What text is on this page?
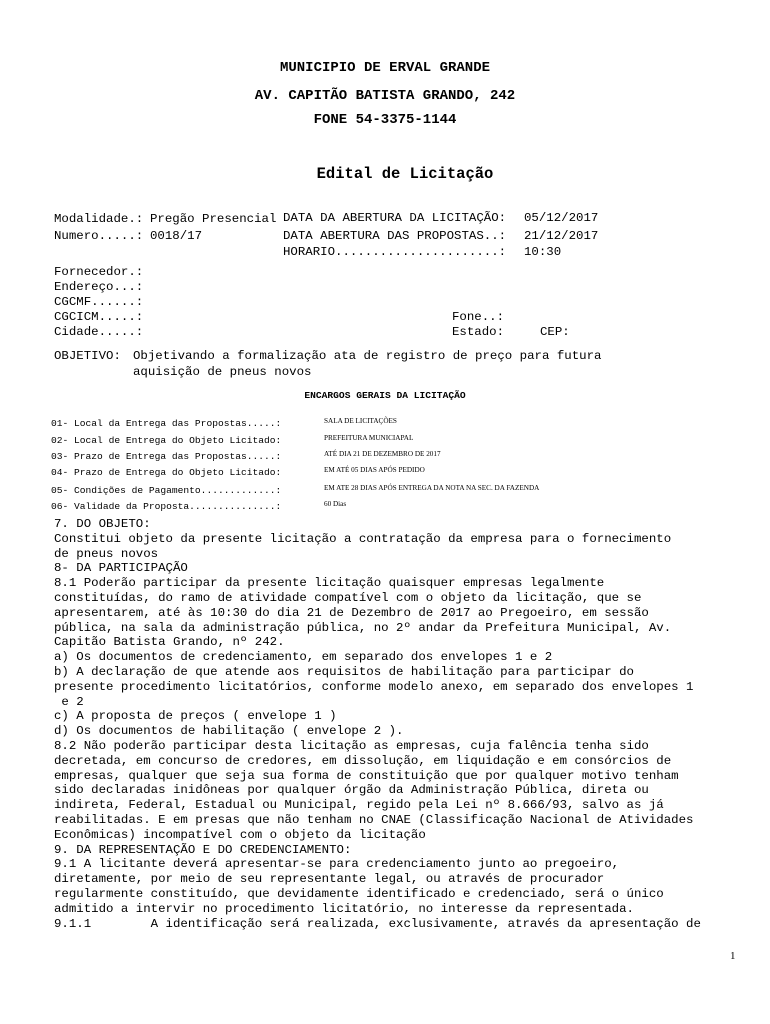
MUNICIPIO DE ERVAL GRANDE
AV. CAPITÃO BATISTA GRANDO, 242
FONE 54-3375-1144
Edital de Licitação
Modalidade.: Pregão Presencial
Numero.....: 0018/17
DATA DA ABERTURA DA LICITAÇÃO: 05/12/2017
DATA ABERTURA DAS PROPOSTAS..: 21/12/2017
HORARIO......................: 10:30
Fornecedor.:
Endereço...:
CGCMF......:
CGCICM.....:
Cidade.....:
Fone..:
Estado:	CEP:
OBJETIVO: Objetivando a formalização ata de registro de preço para futura
aquisição de pneus novos
ENCARGOS GERAIS DA LICITAÇÃO
01- Local da Entrega das Propostas.....:	SALA DE LICITAÇÕES
02- Local de Entrega do Objeto Licitado:	PREFEITURA MUNICIAPAL
03- Prazo de Entrega das Propostas.....:	ATÉ DIA 21 DE DEZEMBRO DE 2017
04- Prazo de Entrega do Objeto Licitado:	EM ATÉ 05 DIAS APÓS PEDIDO
05- Condições de Pagamento.............:	EM ATE 28 DIAS APÓS ENTREGA DA NOTA NA SEC. DA FAZENDA
06- Validade da Proposta...............:	60 Dias
7. DO OBJETO:
Constitui objeto da presente licitação a contratação da empresa para o fornecimento
de pneus novos
8- DA PARTICIPAÇÃO
8.1 Poderão participar da presente licitação quaisquer empresas legalmente
constituídas, do ramo de atividade compatível com o objeto da licitação, que se
apresentarem, até às 10:30 do dia 21 de Dezembro de 2017 ao Pregoeiro, em sessão
pública, na sala da administração pública, no 2º andar da Prefeitura Municipal, Av.
Capitão Batista Grando, nº 242.
a) Os documentos de credenciamento, em separado dos envelopes 1 e 2
b) A declaração de que atende aos requisitos de habilitação para participar do
presente procedimento licitatórios, conforme modelo anexo, em separado dos envelopes 1
e 2
c) A proposta de preços ( envelope 1 )
d) Os documentos de habilitação ( envelope 2 ).
8.2 Não poderão participar desta licitação as empresas, cuja falência tenha sido
decretada, em concurso de credores, em dissolução, em liquidação e em consórcios de
empresas, qualquer que seja sua forma de constituição que por qualquer motivo tenham
sido declaradas inidôneas por qualquer órgão da Administração Pública, direta ou
indireta, Federal, Estadual ou Municipal, regido pela Lei nº 8.666/93, salvo as já
reabilitadas. E em presas que não tenham no CNAE (Classificação Nacional de Atividades
Econômicas) incompatível com o objeto da licitação
9. DA REPRESENTAÇÃO E DO CREDENCIAMENTO:
9.1 A licitante deverá apresentar-se para credenciamento junto ao pregoeiro,
diretamente, por meio de seu representante legal, ou através de procurador
regularmente constituído, que devidamente identificado e credenciado, será o único
admitido a intervir no procedimento licitatório, no interesse da representada.
9.1.1        A identificação será realizada, exclusivamente, através da apresentação de
1
